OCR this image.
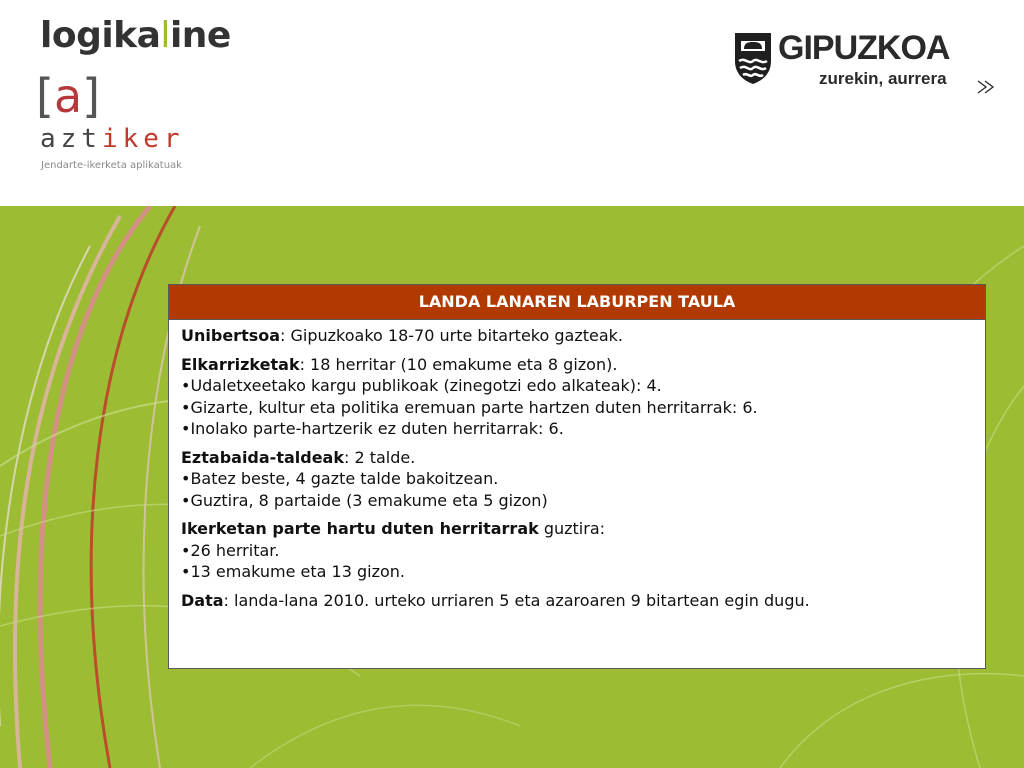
logikaline
[a]
aztiker
Jendarte-ikerketa aplikatuak
GIPUZKOA
zurekin, aurrera
LANDA LANAREN LABURPEN TAULA
Unibertsoa: Gipuzkoako 18-70 urte bitarteko gazteak.
Elkarrizketak: 18 herritar (10 emakume eta 8 gizon).
•Udaletxeetako kargu publikoak (zinegotzi edo alkateak): 4.
•Gizarte, kultur eta politika eremuan parte hartzen duten herritarrak: 6.
•Inolako parte-hartzerik ez duten herritarrak: 6.
Eztabaida-taldeak: 2 talde.
•Batez beste, 4 gazte talde bakoitzean.
•Guztira, 8 partaide (3 emakume eta 5 gizon)
Ikerketan parte hartu duten herritarrak guztira:
•26 herritar.
•13 emakume eta 13 gizon.
Data: landa-lana 2010. urteko urriaren 5 eta azaroaren 9 bitartean egin dugu.
